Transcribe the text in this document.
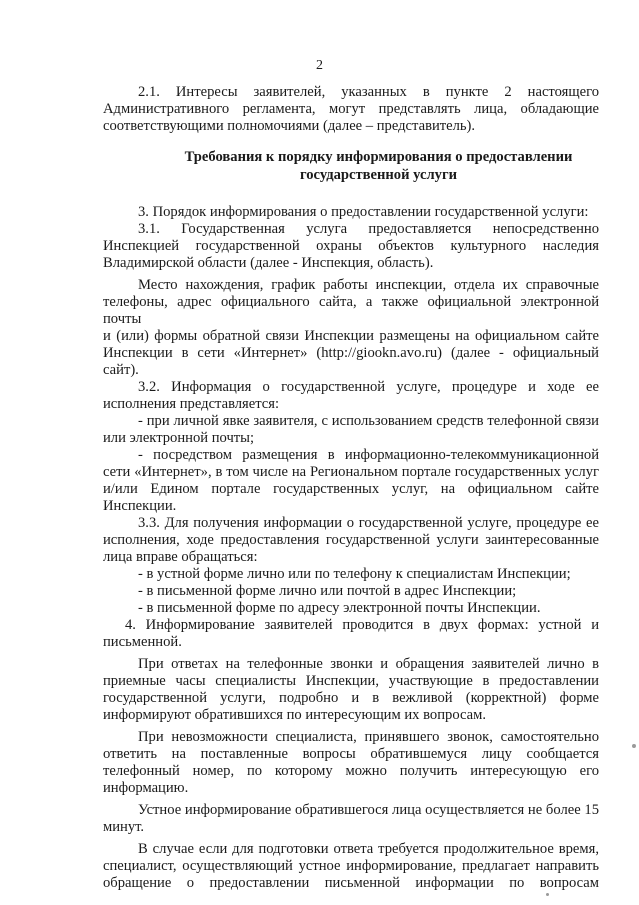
2
2.1. Интересы заявителей, указанных в пункте 2 настоящего
Административного регламента, могут представлять лица, обладающие
соответствующими полномочиями (далее – представитель).
Требования к порядку информирования о предоставлении
государственной услуги
3. Порядок информирования о предоставлении государственной услуги:
3.1. Государственная услуга предоставляется непосредственно
Инспекцией государственной охраны объектов культурного наследия
Владимирской области (далее - Инспекция, область).
Место нахождения, график работы инспекции, отдела их справочные
телефоны, адрес официального сайта, а также официальной электронной почты
и (или) формы обратной связи Инспекции размещены на официальном сайте
Инспекции в сети «Интернет» (http://giookn.avo.ru) (далее - официальный сайт).
3.2. Информация о государственной услуге, процедуре и ходе ее
исполнения представляется:
- при личной явке заявителя, с использованием средств телефонной связи
или электронной почты;
- посредством размещения в информационно-телекоммуникационной
сети «Интернет», в том числе на Региональном портале государственных услуг
и/или Едином портале государственных услуг, на официальном сайте
Инспекции.
3.3. Для получения информации о государственной услуге, процедуре ее
исполнения, ходе предоставления государственной услуги заинтересованные
лица вправе обращаться:
- в устной форме лично или по телефону к специалистам Инспекции;
- в письменной форме лично или почтой в адрес Инспекции;
- в письменной форме по адресу электронной почты Инспекции.
4. Информирование заявителей проводится в двух формах: устной и
письменной.
При ответах на телефонные звонки и обращения заявителей лично в
приемные часы специалисты Инспекции, участвующие в предоставлении
государственной услуги, подробно и в вежливой (корректной) форме
информируют обратившихся по интересующим их вопросам.
При невозможности специалиста, принявшего звонок, самостоятельно
ответить на поставленные вопросы обратившемуся лицу сообщается
телефонный номер, по которому можно получить интересующую его
информацию.
Устное информирование обратившегося лица осуществляется не более 15
минут.
В случае если для подготовки ответа требуется продолжительное время,
специалист, осуществляющий устное информирование, предлагает направить
обращение о предоставлении письменной информации по вопросам
